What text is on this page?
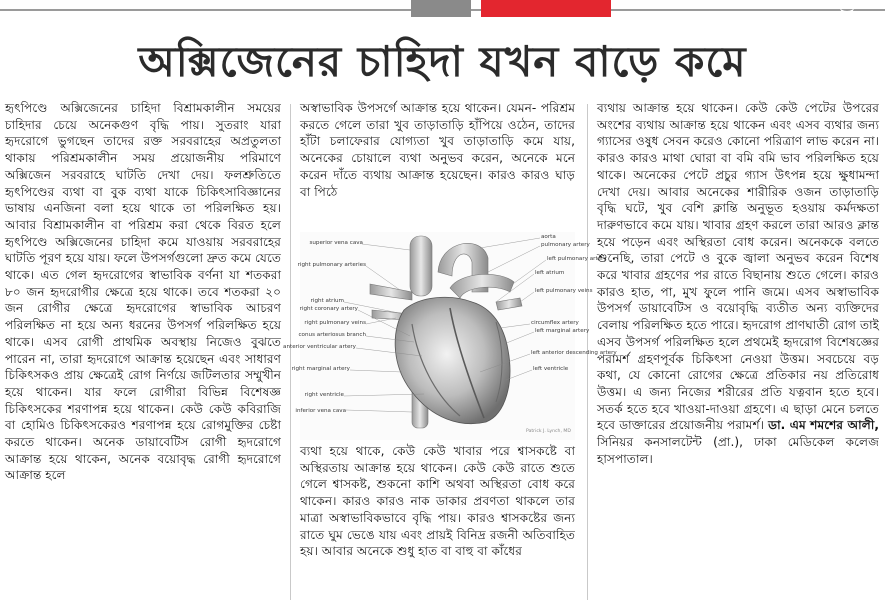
অক্সিজেনের চাহিদা যখন বাড়ে কমে

হৃৎপিণ্ডে অক্সিজেনের চাহিদা বিশ্রামকালীন সময়ের চাহিদার চেয়ে অনেকগুণ বৃদ্ধি পায়। সুতরাং যারা হৃদরোগে ভুগছেন তাদের রক্ত সরবরাহের অপ্রতুলতা থাকায় পরিশ্রমকালীন সময় প্রয়োজনীয় পরিমাণে অক্সিজেন সরবরাহে ঘাটতি দেখা দেয়। ফলশ্রুতিতে হৃৎপিণ্ডের ব্যথা বা বুক ব্যথা যাকে চিকিৎসাবিজ্ঞানের ভাষায় এনজিনা বলা হয়ে থাকে তা পরিলক্ষিত হয়। আবার বিশ্রামকালীন বা পরিশ্রম করা থেকে বিরত হলে হৃৎপিণ্ডে অক্সিজেনের চাহিদা কমে যাওয়ায় সরবরাহের ঘাটতি পূরণ হয়ে যায়। ফলে উপসর্গগুলো দ্রুত কমে যেতে থাকে। এত গেল হৃদরোগের স্বাভাবিক বর্ণনা যা শতকরা ৮০ জন হৃদরোগীর ক্ষেত্রে হয়ে থাকে। তবে শতকরা ২০ জন রোগীর ক্ষেত্রে হৃদরোগের স্বাভাবিক আচরণ পরিলক্ষিত না হয়ে অন্য ধরনের উপসর্গ পরিলক্ষিত হয়ে থাকে। এসব রোগী প্রাথমিক অবস্থায় নিজেও বুঝতে পারেন না, তারা হৃদরোগে আক্রান্ত হয়েছেন এবং সাধারণ চিকিৎসকও প্রায় ক্ষেত্রেই রোগ নির্ণয়ে জটিলতার সম্মুখীন হয়ে থাকেন। যার ফলে রোগীরা বিভিন্ন বিশেষজ্ঞ চিকিৎসকের শরণাপন্ন হয়ে থাকেন। কেউ কেউ কবিরাজি বা হোমিও চিকিৎসকেরও শরণাপন্ন হয়ে রোগমুক্তির চেষ্টা করতে থাকেন। অনেক ডায়াবেটিস রোগী হৃদরোগে আক্রান্ত হয়ে থাকেন, অনেক বয়োবৃদ্ধ রোগী হৃদরোগে আক্রান্ত হলে

অস্বাভাবিক উপসর্গে আক্রান্ত হয়ে থাকেন। যেমন- পরিশ্রম করতে গেলে তারা খুব তাড়াতাড়ি হাঁপিয়ে ওঠেন, তাদের হাঁটা চলাফেরার যোগ্যতা খুব তাড়াতাড়ি কমে যায়, অনেকের চোয়ালে ব্যথা অনুভব করেন, অনেকে মনে করেন দাঁতে ব্যথায় আক্রান্ত হয়েছেন। কারও কারও ঘাড় বা পিঠে

superior vena cava
right pulmonary arteries
right atrium
right coronary artery
right pulmonary veins
conus arteriosus branch
anterior ventricular artery
right marginal artery
right ventricle
inferior vena cava
aorta
pulmonary artery
left pulmonary artery
left atrium
left pulmonary veins
circumflex artery
left marginal artery
left anterior descending artery
left ventricle
Patrick J. Lynch, MD

ব্যথা হয়ে থাকে, কেউ কেউ খাবার পরে শ্বাসকষ্টে বা অস্থিরতায় আক্রান্ত হয়ে থাকেন। কেউ কেউ রাতে শুতে গেলে শ্বাসকষ্ট, শুকনো কাশি অথবা অস্থিরতা বোধ করে থাকেন। কারও কারও নাক ডাকার প্রবণতা থাকলে তার মাত্রা অস্বাভাবিকভাবে বৃদ্ধি পায়। কারও শ্বাসকষ্টের জন্য রাতে ঘুম ভেঙে যায় এবং প্রায়ই বিনিদ্র রজনী অতিবাহিত হয়। আবার অনেকে শুধু হাত বা বাহু বা কাঁধের

ব্যথায় আক্রান্ত হয়ে থাকেন। কেউ কেউ পেটের উপরের অংশের ব্যথায় আক্রান্ত হয়ে থাকেন এবং এসব ব্যথার জন্য গ্যাসের ওষুধ সেবন করেও কোনো পরিত্রাণ লাভ করেন না। কারও কারও মাথা ঘোরা বা বমি বমি ভাব পরিলক্ষিত হয়ে থাকে। অনেকের পেটে প্রচুর গ্যাস উৎপন্ন হয়ে ক্ষুধামন্দা দেখা দেয়। আবার অনেকের শারীরিক ওজন তাড়াতাড়ি বৃদ্ধি ঘটে, খুব বেশি ক্লান্তি অনুভূত হওয়ায় কর্মদক্ষতা দারুণভাবে কমে যায়। খাবার গ্রহণ করলে তারা আরও ক্লান্ত হয়ে পড়েন এবং অস্থিরতা বোধ করেন। অনেককে বলতে শুনেছি, তারা পেটে ও বুকে জ্বালা অনুভব করেন বিশেষ করে খাবার গ্রহণের পর রাতে বিছানায় শুতে গেলে। কারও কারও হাত, পা, মুখ ফুলে পানি জমে। এসব অস্বাভাবিক উপসর্গ ডায়াবেটিস ও বয়োবৃদ্ধি ব্যতীত অন্য ব্যক্তিদের বেলায় পরিলক্ষিত হতে পারে। হৃদরোগ প্রাণঘাতী রোগ তাই এসব উপসর্গ পরিলক্ষিত হলে প্রথমেই হৃদরোগ বিশেষজ্ঞের পরামর্শ গ্রহণপূর্বক চিকিৎসা নেওয়া উত্তম। সবচেয়ে বড় কথা, যে কোনো রোগের ক্ষেত্রে প্রতিকার নয় প্রতিরোধ উত্তম। এ জন্য নিজের শরীরের প্রতি যত্নবান হতে হবে। সতর্ক হতে হবে খাওয়া-দাওয়া গ্রহণে। এ ছাড়া মেনে চলতে হবে ডাক্তারের প্রয়োজনীয় পরামর্শ। ডা. এম শমশের আলী, সিনিয়র কনসালটেন্ট (প্রা.), ঢাকা মেডিকেল কলেজ হাসপাতাল।
